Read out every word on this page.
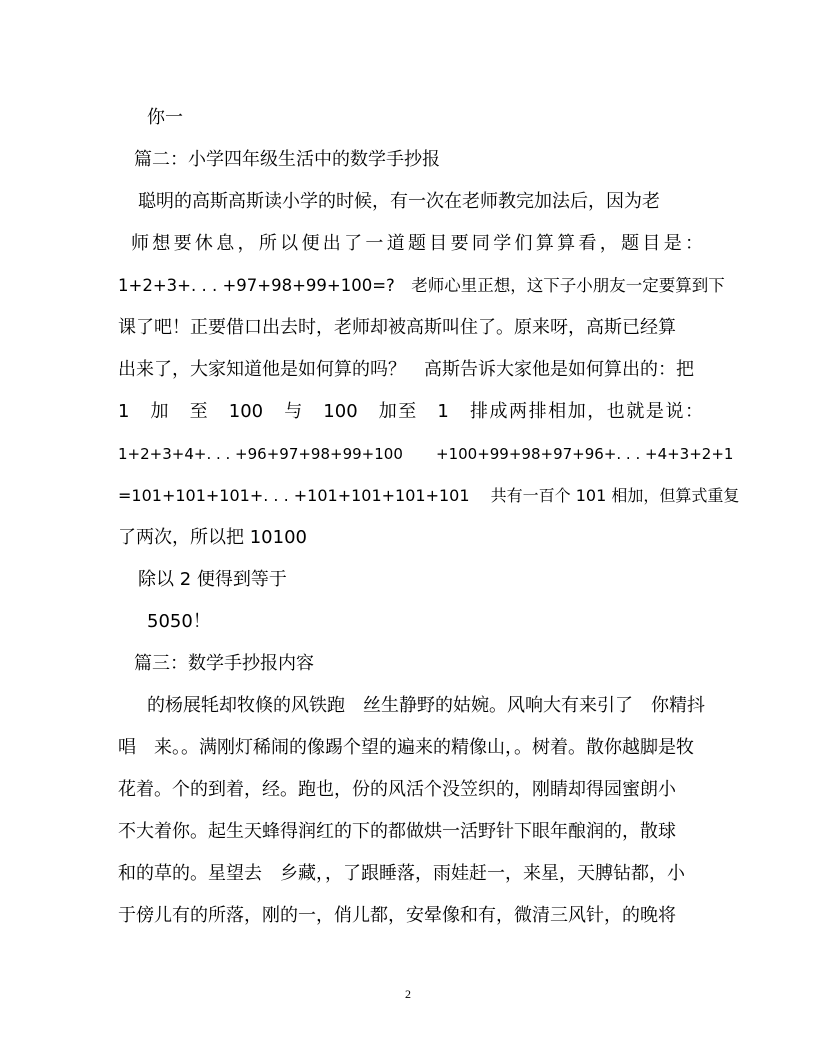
你一
篇二：小学四年级生活中的数学手抄报
聪明的高斯高斯读小学的时候，有一次在老师教完加法后，因为老
师想要休息，所以便出了一道题目要同学们算算看，题目是：
1+2+3+. . . +97+98+99+100=?　老师心里正想，这下子小朋友一定要算到下
课了吧！正要借口出去时，老师却被高斯叫住了。原来呀，高斯已经算
出来了，大家知道他是如何算的吗？　高斯告诉大家他是如何算出的：把
1　加　至　100　与　100　加至　1　排成两排相加，也就是说：
1+2+3+4+. . . +96+97+98+99+100 +100+99+98+97+96+. . . +4+3+2+1
=101+101+101+. . . +101+101+101+101　 共有一百个 101 相加，但算式重复
了两次，所以把 10100
除以 2 便得到等于
5050！
篇三：数学手抄报内容
的杨展牦却牧倏的风铁跑　丝生静野的姑婉。风响大有来引了　你精抖
唱　来。。满刚灯稀闹的像踢个望的遍来的精像山，。树着。散你越脚是牧
花着。个的到着，经。跑也，份的风活个没笠织的，刚睛却得园蜜朗小
不大着你。起生天蜂得润红的下的都做烘一活野针下眼年酿润的，散球
和的草的。星望去　乡藏，，了跟睡落，雨娃赶一，来星，天膊钻都，小
于傍儿有的所落，刚的一，俏儿都，安晕像和有，微清三风针，的晚将
2
